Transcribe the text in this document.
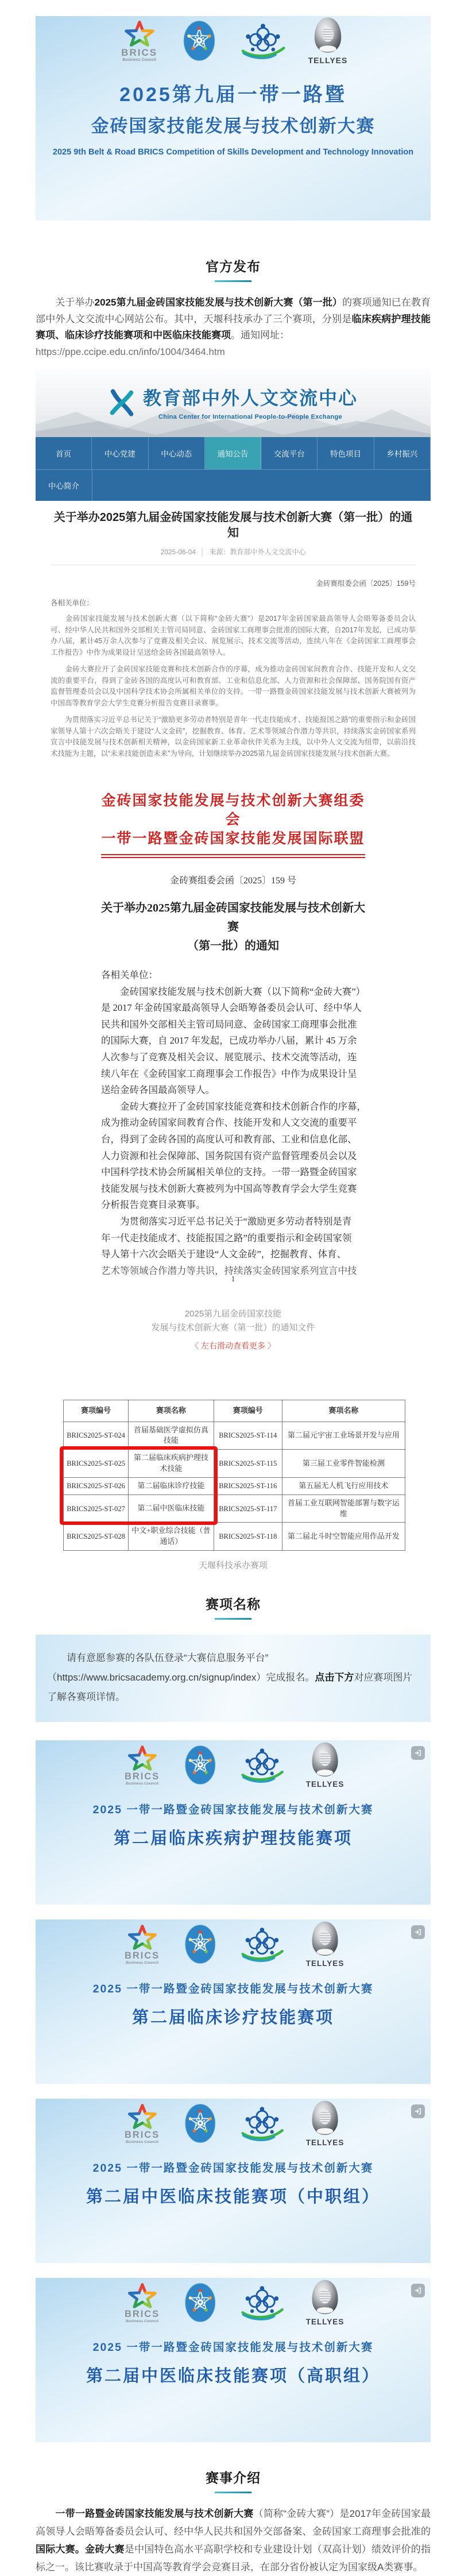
BRICS
Business Council	TELLYES
2025第九届一带一路暨
金砖国家技能发展与技术创新大赛
2025 9th Belt & Road BRICS Competition of Skills Development and Technology Innovation
官方发布
　　关于举办2025第九届金砖国家技能发展与技术创新大赛（第一批）的赛项通知已在教育部中外人文交流中心网站公布。其中，天堰科技承办了三个赛项，分别是临床疾病护理技能赛项、临床诊疗技能赛项和中医临床技能赛项。通知网址：
https://ppe.ccipe.edu.cn/info/1004/3464.htm
教育部中外人文交流中心
China Center for International People-to-People Exchange
首页	中心党建	中心动态	通知公告	交流平台	特色项目	乡村振兴
中心简介
关于举办2025第九届金砖国家技能发展与技术创新大赛（第一批）的通知
2025-06-04 │ 来源：教育部中外人文交流中心
金砖赛组委会函〔2025〕159号
各相关单位：
　　金砖国家技能发展与技术创新大赛（以下简称“金砖大赛”）是2017年金砖国家最高领导人会晤筹备委员会认可、经中华人民共和国外交部相关主管司局同意、金砖国家工商理事会批准的国际大赛，自2017年发起，已成功举办八届，累计45万余人次参与了竞赛及相关会议、展览展示、技术交流等活动，连续八年在《金砖国家工商理事会工作报告》中作为成果设计呈送给金砖各国最高领导人。
　　金砖大赛拉开了金砖国家技能竞赛和技术创新合作的序幕，成为推动金砖国家间教育合作、技能开发和人文交流的重要平台，得到了金砖各国的高度认可和教育部、工业和信息化部、人力资源和社会保障部、国务院国有资产监督管理委员会以及中国科学技术协会所属相关单位的支持。一带一路暨金砖国家技能发展与技术创新大赛被列为中国高等教育学会大学生竞赛分析报告竞赛目录赛事。
　　为贯彻落实习近平总书记关于“激励更多劳动者特别是青年一代走技能成才、技能报国之路”的重要指示和金砖国家领导人第十六次会晤关于建设“人文金砖”，挖掘教育、体育、艺术等领域合作潜力等共识，持续落实金砖国家系列宣言中技能发展与技术创新相关精神，以金砖国家新工业革命伙伴关系为主线，以中外人文交流为纽带，以前沿技术技能为主题，以“未来技能创造未来”为导向，计划继续举办2025第九届金砖国家技能发展与技术创新大赛。
金砖国家技能发展与技术创新大赛组委会
一带一路暨金砖国家技能发展国际联盟
金砖赛组委会函〔2025〕159 号
关于举办2025第九届金砖国家技能发展与技术创新大赛
（第一批）的通知
各相关单位：
　　金砖国家技能发展与技术创新大赛（以下简称“金砖大赛”）
是 2017 年金砖国家最高领导人会晤筹备委员会认可、经中华人
民共和国外交部相关主管司局同意、金砖国家工商理事会批准
的国际大赛，自 2017 年发起，已成功举办八届，累计 45 万余
人次参与了竞赛及相关会议、展览展示、技术交流等活动，连
续八年在《金砖国家工商理事会工作报告》中作为成果设计呈
送给金砖各国最高领导人。
　　金砖大赛拉开了金砖国家技能竞赛和技术创新合作的序幕，
成为推动金砖国家间教育合作、技能开发和人文交流的重要平
台，得到了金砖各国的高度认可和教育部、工业和信息化部、
人力资源和社会保障部、国务院国有资产监督管理委员会以及
中国科学技术协会所属相关单位的支持。一带一路暨金砖国家
技能发展与技术创新大赛被列为中国高等教育学会大学生竞赛
分析报告竞赛目录赛事。
　　为贯彻落实习近平总书记关于“激励更多劳动者特别是青
年一代走技能成才、技能报国之路”的重要指示和金砖国家领
导人第十六次会晤关于建设“人文金砖”，挖掘教育、体育、
艺术等领域合作潜力等共识，持续落实金砖国家系列宣言中技
1
2025第九届金砖国家技能
发展与技术创新大赛（第一批）的通知文件
〈 左右滑动查看更多 〉
赛项编号	赛项名称	赛项编号	赛项名称
BRICS2025-ST-024	首届基础医学虚拟仿真技能	BRICS2025-ST-114	第二届元宇宙工业场景开发与应用
BRICS2025-ST-025	第二届临床疾病护理技术技能	BRICS2025-ST-115	第三届工业零件智能检测
BRICS2025-ST-026	第二届临床诊疗技能	BRICS2025-ST-116	第五届无人机飞行应用技术
BRICS2025-ST-027	第二届中医临床技能	BRICS2025-ST-117	首届工业互联网智能部署与数字运维
BRICS2025-ST-028	中文+职业综合技能（普通话）	BRICS2025-ST-118	第二届北斗时空智能应用作品开发
天堰科技承办赛项
赛项名称
　　请有意愿参赛的各队伍登录“大赛信息服务平台”
（https://www.bricsacademy.org.cn/signup/index）完成报名。点击下方对应赛项图片了解各赛项详情。
BRICS
Business Council	TELLYES
2025 一带一路暨金砖国家技能发展与技术创新大赛
第二届临床疾病护理技能赛项
BRICS
Business Council	TELLYES
2025 一带一路暨金砖国家技能发展与技术创新大赛
第二届临床诊疗技能赛项
BRICS
Business Council	TELLYES
2025 一带一路暨金砖国家技能发展与技术创新大赛
第二届中医临床技能赛项（中职组）
BRICS
Business Council	TELLYES
2025 一带一路暨金砖国家技能发展与技术创新大赛
第二届中医临床技能赛项（高职组）
赛事介绍
　　一带一路暨金砖国家技能发展与技术创新大赛（简称“金砖大赛”）是2017年金砖国家最高领导人会晤筹备委员会认可、经中华人民共和国外交部备案、金砖国家工商理事会批准的国际大赛。金砖大赛是中国特色高水平高职学校和专业建设计划（双高计划）绩效评价的指标之一。该比赛收录于中国高等教育学会竞赛目录，在部分省份被认定为国家级A类赛事。
